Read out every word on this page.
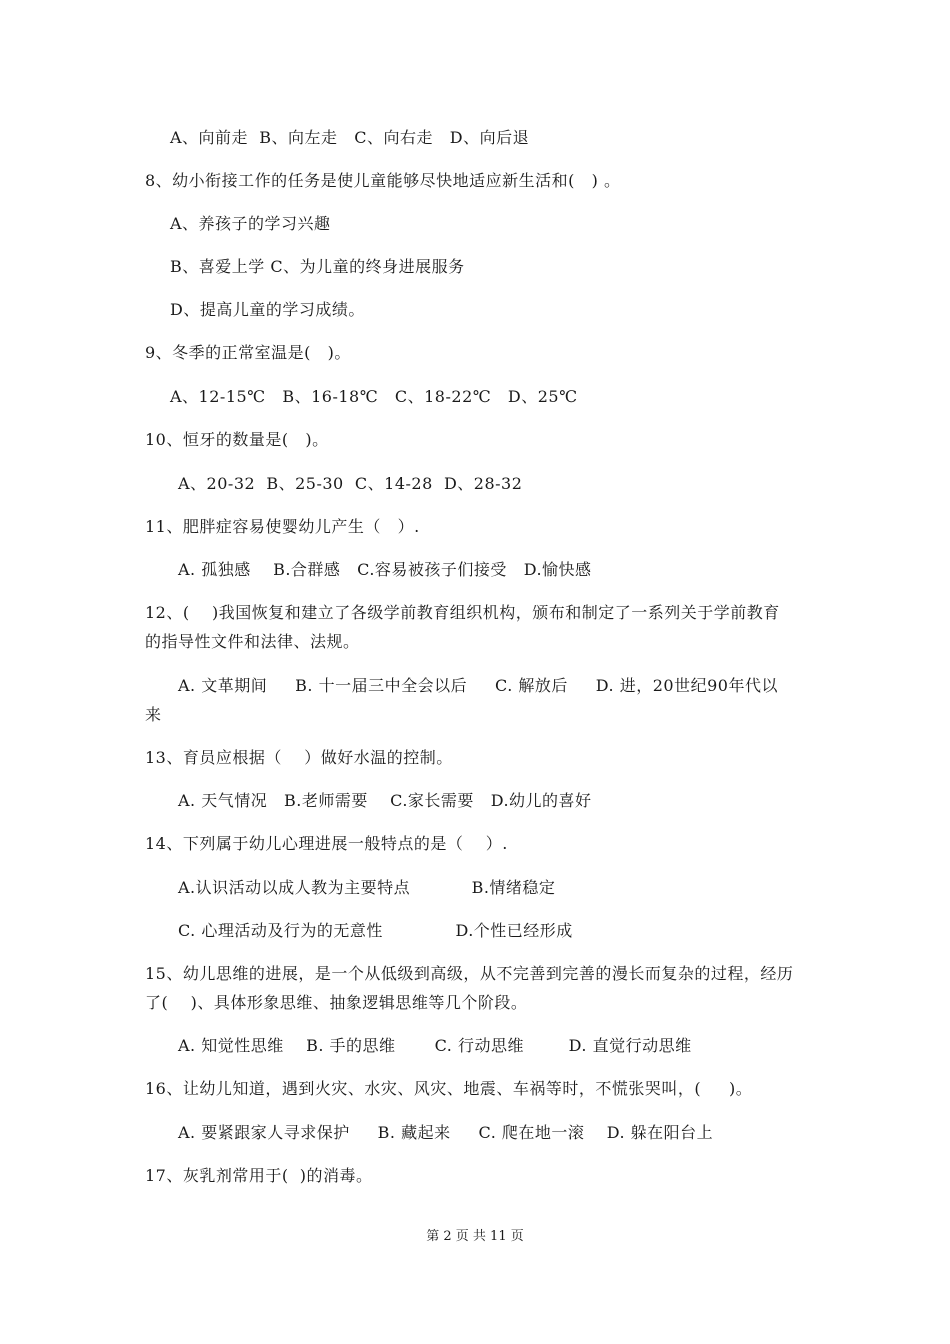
A、向前走  B、向左走   C、向右走   D、向后退
8、幼小衔接工作的任务是使儿童能够尽快地适应新生活和(   ) 。
A、养孩子的学习兴趣
B、喜爱上学 C、为儿童的终身进展服务
D、提高儿童的学习成绩。
9、冬季的正常室温是(   )。
A、12-15℃   B、16-18℃   C、18-22℃   D、25℃
10、恒牙的数量是(   )。
A、20-32  B、25-30  C、14-28  D、28-32
11、肥胖症容易使婴幼儿产生（   ）.
A. 孤独感    B.合群感   C.容易被孩子们接受   D.愉快感
12、(    )我国恢复和建立了各级学前教育组织机构，颁布和制定了一系列关于学前教育
的指导性文件和法律、法规。
A. 文革期间     B. 十一届三中全会以后     C. 解放后     D. 进，20世纪90年代以
来
13、育员应根据（    ）做好水温的控制。
A. 天气情况   B.老师需要    C.家长需要   D.幼儿的喜好
14、下列属于幼儿心理进展一般特点的是（    ）.
A.认识活动以成人教为主要特点           B.情绪稳定
C. 心理活动及行为的无意性             D.个性已经形成
15、幼儿思维的进展，是一个从低级到高级，从不完善到完善的漫长而复杂的过程，经历
了(    )、具体形象思维、抽象逻辑思维等几个阶段。
A. 知觉性思维    B. 手的思维       C. 行动思维        D. 直觉行动思维
16、让幼儿知道，遇到火灾、水灾、风灾、地震、车祸等时，不慌张哭叫，(     )。
A. 要紧跟家人寻求保护     B. 藏起来     C. 爬在地一滚    D. 躲在阳台上
17、灰乳剂常用于(  )的消毒。
第 2 页 共 11 页
